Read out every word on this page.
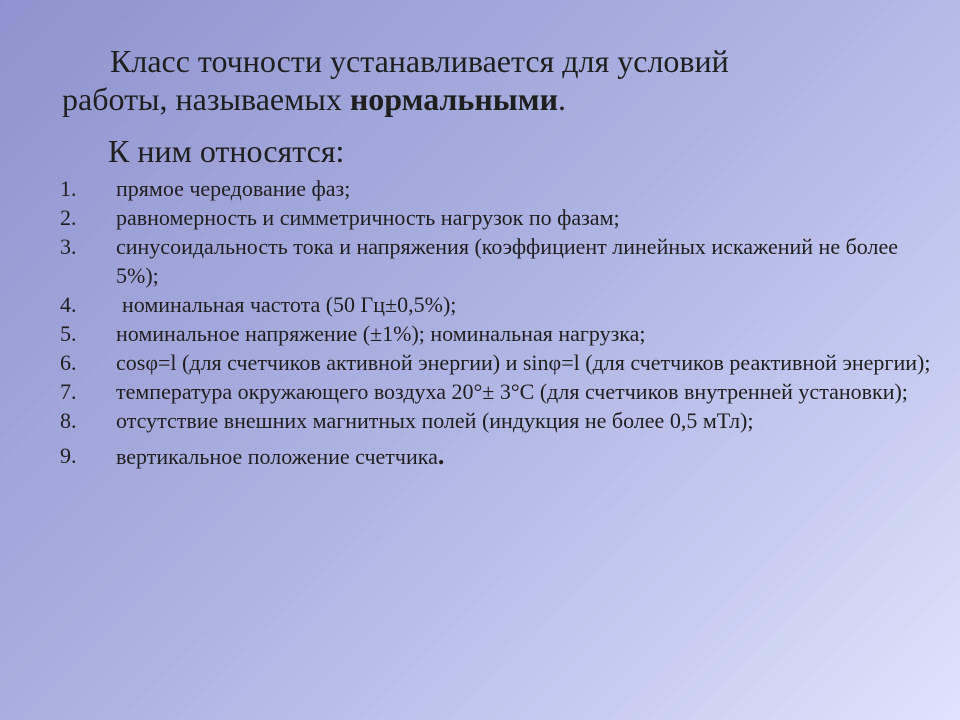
Класс точности устанавливается для условий
работы, называемых нормальными.
К ним относятся:
1.	прямое чередование фаз;
2.	равномерность и симметричность нагрузок по фазам;
3.	синусоидальность тока и напряжения (коэффициент линейных искажений не более 5%);
4.	номинальная частота (50 Гц±0,5%);
5.	номинальное напряжение (±1%); номинальная нагрузка;
6.	cosφ=l (для счетчиков активной энергии) и sinφ=l (для счетчиков реактивной энергии);
7.	температура окружающего воздуха 20°± 3°С (для счетчиков внутренней установки);
8.	отсутствие внешних магнитных полей (индукция не более 0,5 мТл);
9.	вертикальное положение счетчика.
